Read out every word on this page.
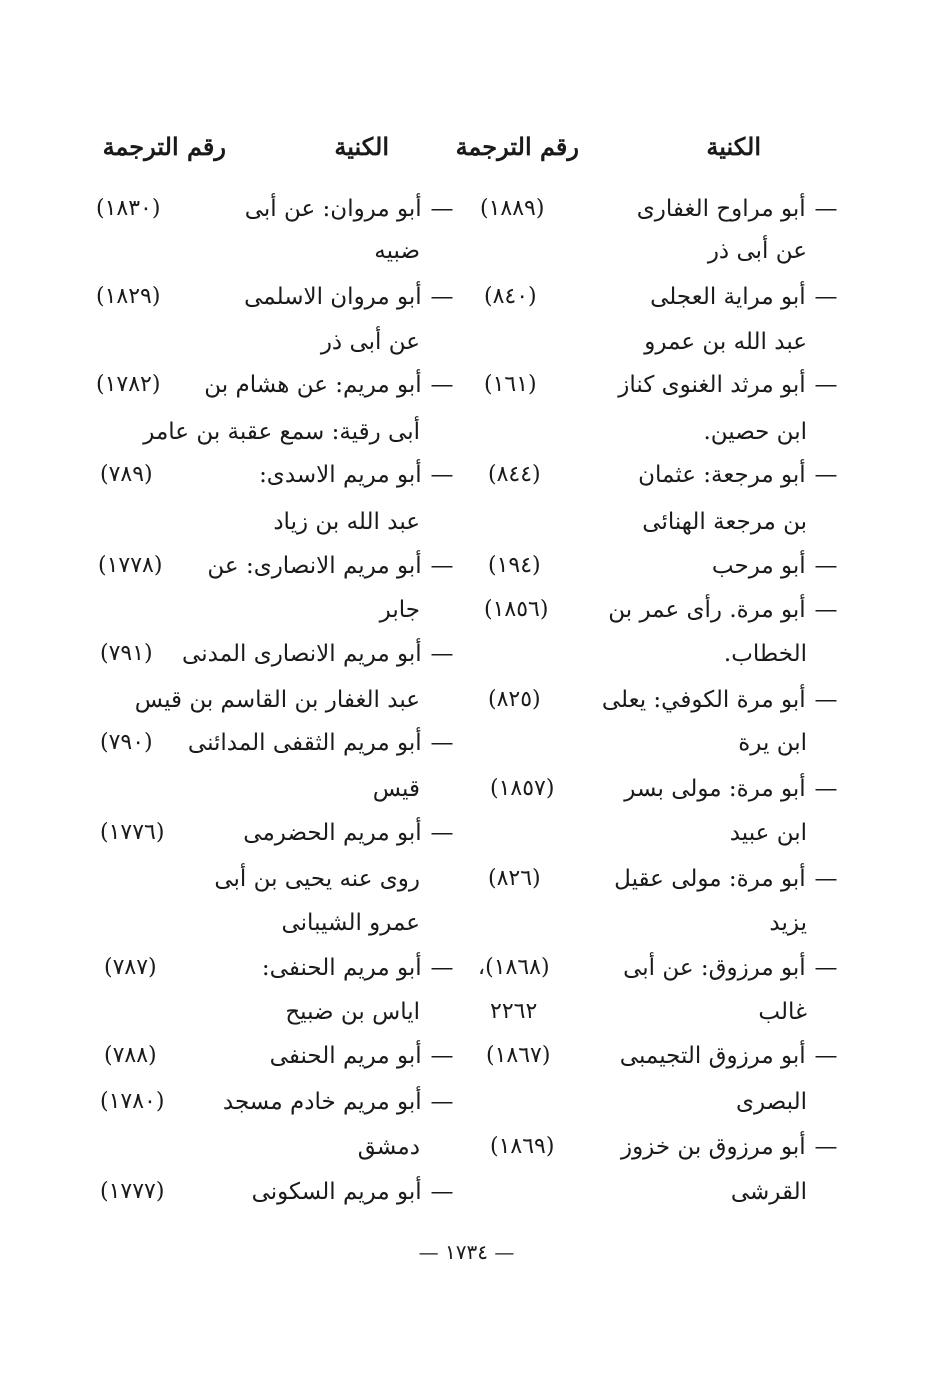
الكنية
رقم الترجمة
الكنية
رقم الترجمة
— أبو مراوح الغفارى
(١٨٨٩)
عن أبى ذر
— أبو مراية العجلى
(٨٤٠)
عبد الله بن عمرو
— أبو مرثد الغنوى كناز
(١٦١)
ابن حصين.
— أبو مرجعة: عثمان
(٨٤٤)
بن مرجعة الهنائى
— أبو مرحب
(١٩٤)
— أبو مرة. رأى عمر بن
(١٨٥٦)
الخطاب.
— أبو مرة الكوفي: يعلى
(٨٢٥)
ابن يرة
— أبو مرة: مولى بسر
(١٨٥٧)
ابن عبيد
— أبو مرة: مولى عقيل
(٨٢٦)
يزيد
— أبو مرزوق: عن أبى
(١٨٦٨)،
غالب
٢٢٦٢
— أبو مرزوق التجيمبى
(١٨٦٧)
البصرى
— أبو مرزوق بن خزوز
(١٨٦٩)
القرشى
— أبو مروان: عن أبى
(١٨٣٠)
ضبيه
— أبو مروان الاسلمى
(١٨٢٩)
عن أبى ذر
— أبو مريم: عن هشام بن
(١٧٨٢)
أبى رقية: سمع عقبة بن عامر
— أبو مريم الاسدى:
(٧٨٩)
عبد الله بن زياد
— أبو مريم الانصارى: عن
(١٧٧٨)
جابر
— أبو مريم الانصارى المدنى
(٧٩١)
عبد الغفار بن القاسم بن قيس
— أبو مريم الثقفى المدائنى
(٧٩٠)
قيس
— أبو مريم الحضرمى
(١٧٧٦)
روى عنه يحيى بن أبى
عمرو الشيبانى
— أبو مريم الحنفى:
(٧٨٧)
اياس بن ضبيح
— أبو مريم الحنفى
(٧٨٨)
— أبو مريم خادم مسجد
(١٧٨٠)
دمشق
— أبو مريم السكونى
(١٧٧٧)
— ١٧٣٤ —
